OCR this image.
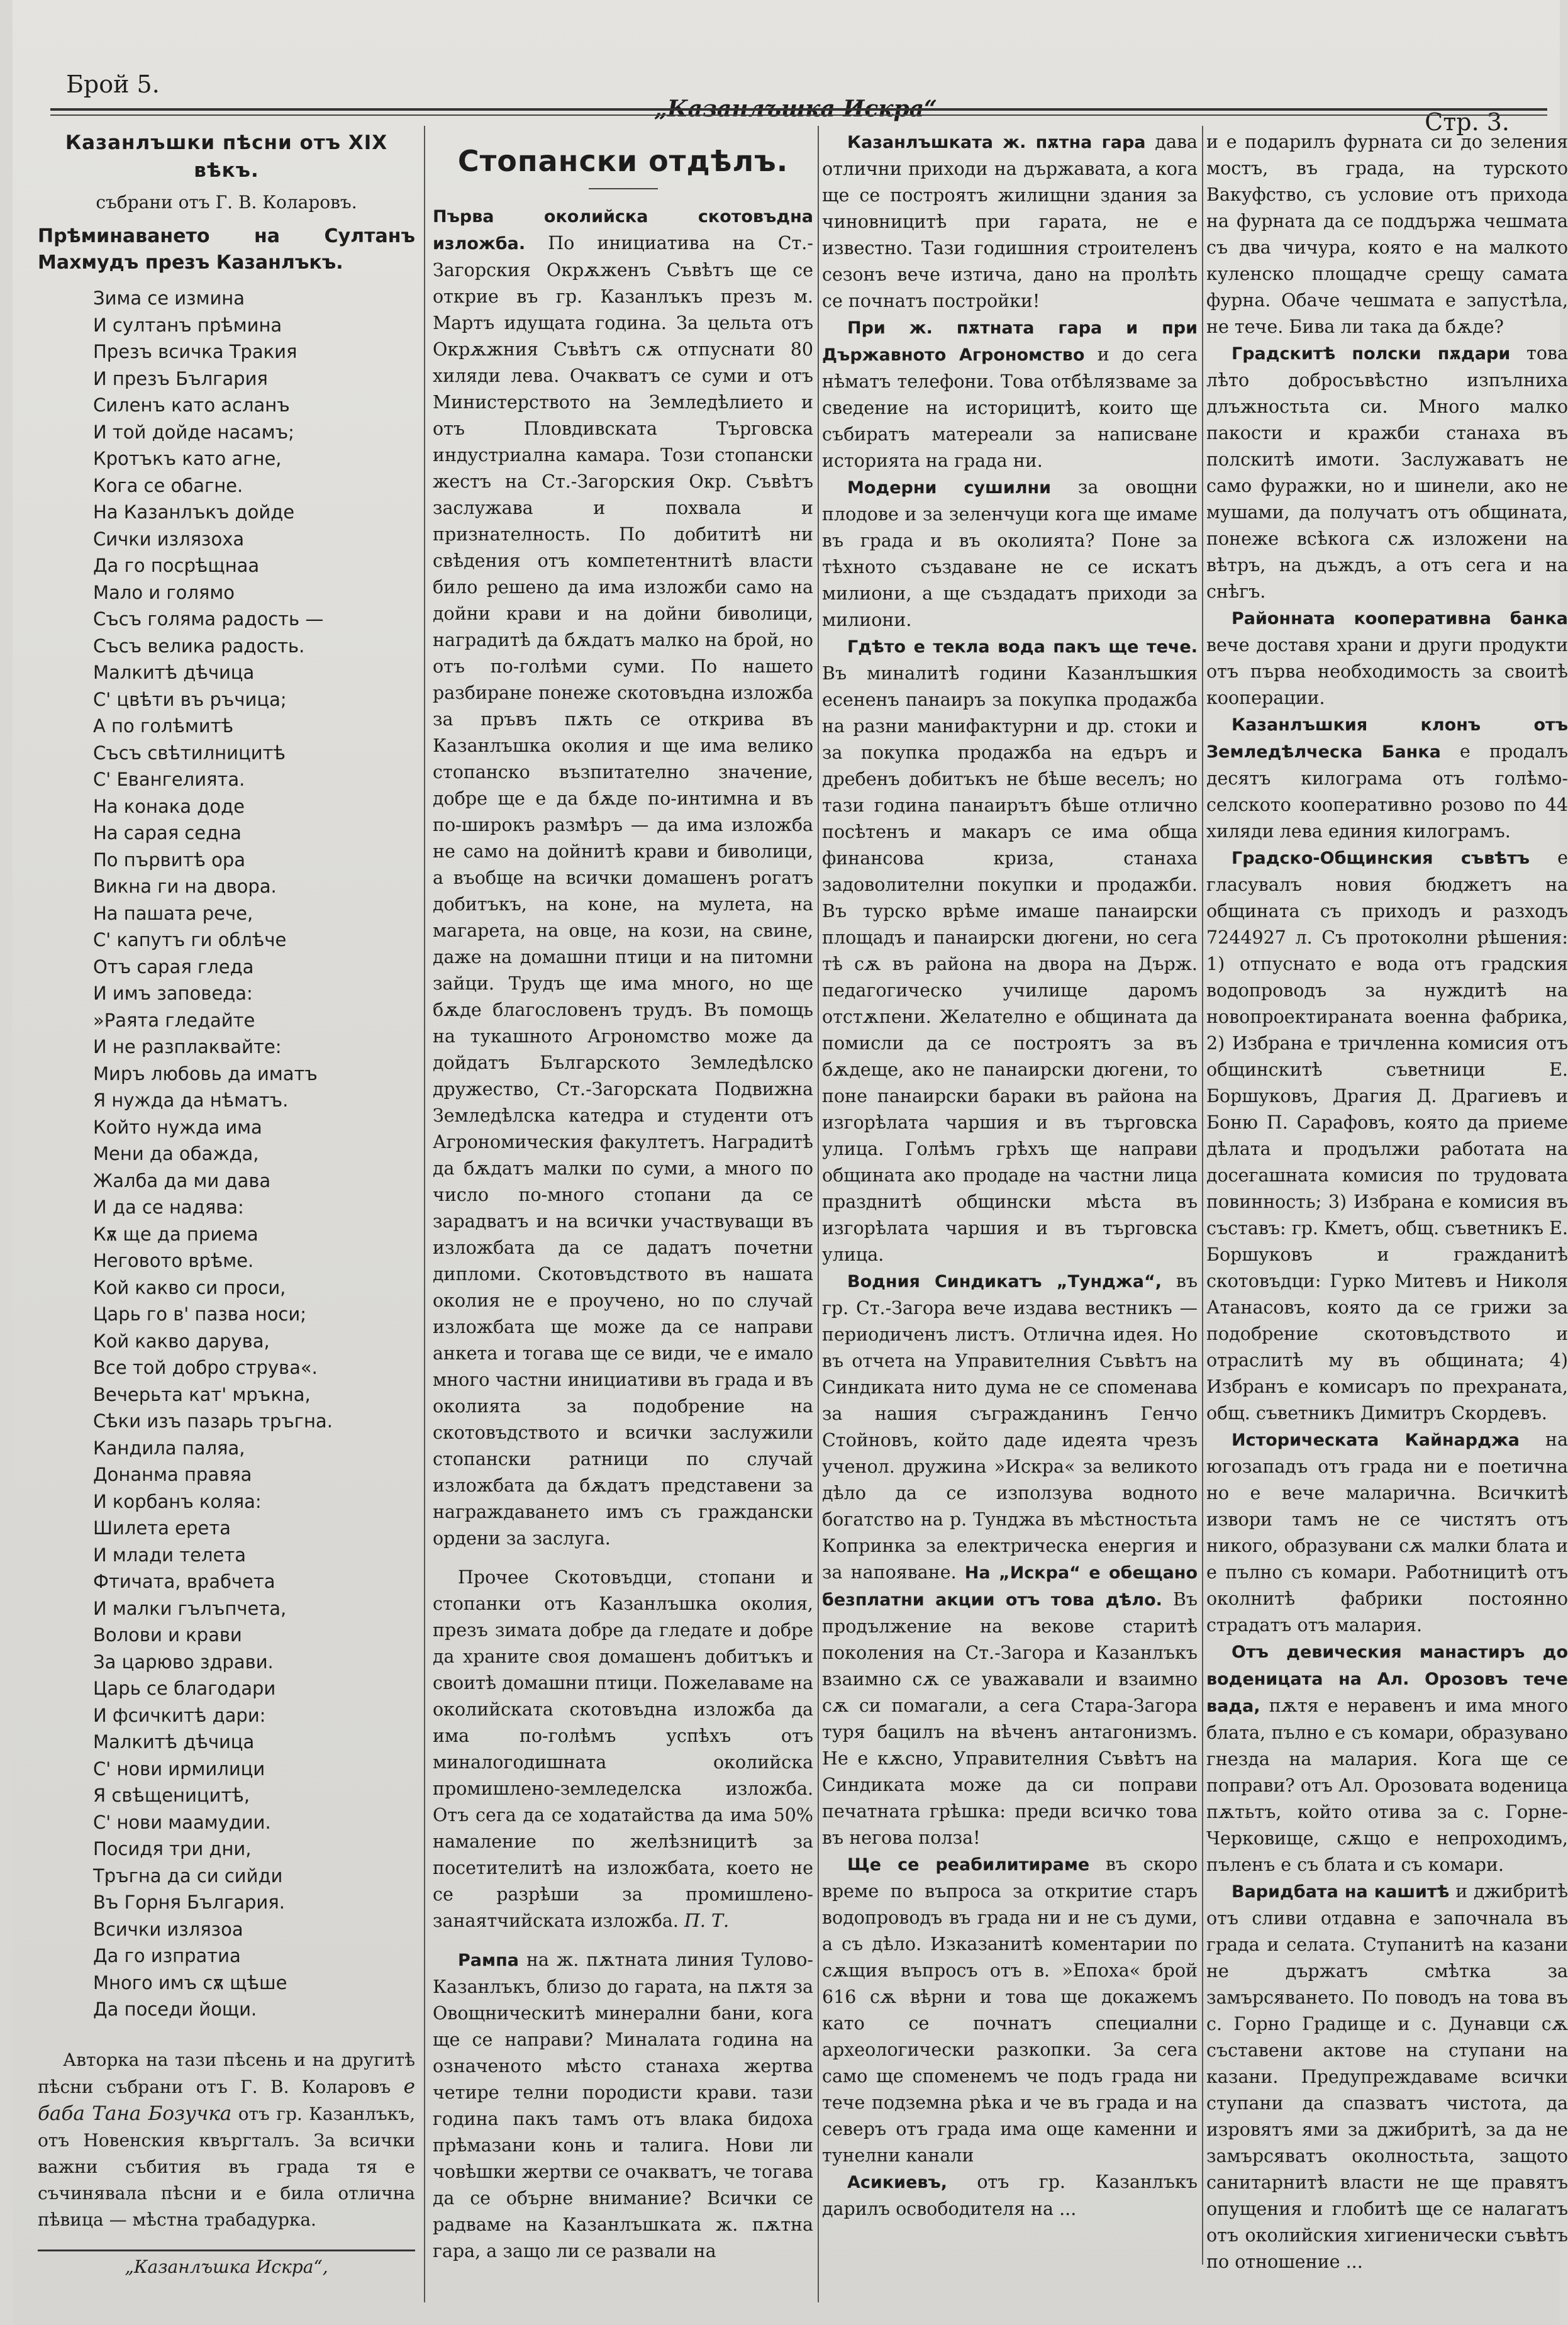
Брой 5.
„Казанлъшка Искра“	Стр. 3.
Казанлъшки пѣсни отъ XIX вѣкъ.
събрани отъ Г. В. Коларовъ.
Прѣминаването на Султанъ Махмудъ презъ Казанлъкъ.
Зима се измина
И султанъ прѣмина
Презъ всичка Тракия
И презъ България
Силенъ като асланъ
И той дойде насамъ;
Кротъкъ като агне,
Кога се обагне.
На Казанлъкъ дойде
Сички излязоха
Да го посрѣщнаа
Мало и голямо
Съсъ голяма радость —
Съсъ велика радость.
Малкитѣ дѣчица
С' цвѣти въ ръчица;
А по голѣмитѣ
Съсъ свѣтилницитѣ
С' Евангелията.
На конака доде
На сарая седна
По първитѣ ора
Викна ги на двора.
На пашата рече,
С' капутъ ги облѣче
Отъ сарая гледа
И имъ заповеда:
»Раята гледайте
И не разплаквайте:
Миръ любовь да иматъ
Я нужда да нѣматъ.
Който нужда има
Мени да обажда,
Жалба да ми дава
И да се надява:
Кѫ ще да приема
Неговото врѣме.
Кой какво си проси,
Царь го в' пазва носи;
Кой какво дарува,
Все той добро струва«.
Вечерьта кат' мръкна,
Сѣки изъ пазарь тръгна.
Кандила паляа,
Донанма правяа
И корбанъ коляа:
Шилета ерета
И млади телета
Фтичата, врабчета
И малки гълъпчета,
Волови и крави
За царюво здрави.
Царь се благодари
И фсичкитѣ дари:
Малкитѣ дѣчица
С' нови ирмилици
Я свѣщеницитѣ,
С' нови маамудии.
Посидя три дни,
Тръгна да си сийди
Въ Горня България.
Всички излязоа
Да го изпратиа
Много имъ сѫ щѣше
Да поседи йощи.
Авторка на тази пѣсень и на другитѣ пѣсни събрани отъ Г. В. Коларовъ е баба Тана Бозучка отъ гр. Казанлъкъ, отъ Новенския квъргталъ. За всички важни събития въ града тя е съчинявала пѣсни и е била отлична пѣвица — мѣстна трабадурка.
„Казанлъшка Искра“,
Стопански отдѣлъ.

Първа околийска скотовъдна изложба. По инициатива на Ст.-Загорския Окрѫженъ Съвѣтъ ще се открие въ гр. Казанлъкъ презъ м. Мартъ идущата година. За цельта отъ Окрѫжния Съвѣтъ сѫ отпуснати 80 хиляди лева. Очакватъ се суми и отъ Министерството на Земледѣлието и отъ Пловдивската Търговска индустриална камара. Този стопански жестъ на Ст.-Загорския Окр. Съвѣтъ заслужава и похвала и признателность. По добититѣ ни свѣдения отъ компетентнитѣ власти било решено да има изложби само на дойни крави и на дойни биволици, наградитѣ да бѫдатъ малко на брой, но отъ по-голѣми суми. По нашето разбиране понеже скотовъдна изложба за пръвъ пѫть се открива въ Казанлъшка околия и ще има велико стопанско възпитателно значение, добре ще е да бѫде по-интимна и въ по-широкъ размѣръ — да има изложба не само на дойнитѣ крави и биволици, а въобще на всички домашенъ рогатъ добитъкъ, на коне, на мулета, на магарета, на овце, на кози, на свине, даже на домашни птици и на питомни зайци. Трудъ ще има много, но ще бѫде благословенъ трудъ. Въ помощь на тукашното Агрономство може да дойдатъ Българското Земледѣлско дружество, Ст.-Загорската Подвижна Земледѣлска катедра и студенти отъ Агрономическия факултетъ. Наградитѣ да бѫдатъ малки по суми, а много по число по-много стопани да се зарадватъ и на всички участвуващи въ изложбата да се дадатъ почетни дипломи. Скотовъдството въ нашата околия не е проучено, но по случай изложбата ще може да се направи анкета и тогава ще се види, че е имало много частни инициативи въ града и въ околията за подобрение на скотовъдството и всички заслужили стопански ратници по случай изложбата да бѫдатъ представени за награждаването имъ съ граждански ордени за заслуга.

Прочее Скотовъдци, стопани и стопанки отъ Казанлъшка околия, презъ зимата добре да гледате и добре да храните своя домашенъ добитъкъ и своитѣ домашни птици. Пожелаваме на околийската скотовъдна изложба да има по-голѣмъ успѣхъ отъ миналогодишната околийска промишлено-земледелска изложба. Отъ сега да се ходатайства да има 50% намаление по желѣзницитѣ за посетителитѣ на изложбата, което не се разрѣши за промишлено-занаятчийската изложба. П. Т.

Рампа на ж. пѫтната линия Тулово-Казанлъкъ, близо до гарата, на пѫтя за Овощническитѣ минерални бани, кога ще се направи? Миналата година на означеното мѣсто станаха жертва четире телни породисти крави. тази година пакъ тамъ отъ влака бидоха прѣмазани конь и талига. Нови ли човѣшки жертви се очакватъ, че тогава да се обърне внимание? Всички се радваме на Казанлъшката ж. пѫтна гара, а защо ли се развали на

Казанлъшката ж. пѫтна гара дава отлични приходи на държавата, а кога ще се построятъ жилищни здания за чиновницитѣ при гарата, не е известно. Тази годишния строителенъ сезонъ вече изтича, дано на пролѣть се почнатъ постройки!

При ж. пѫтната гара и при Държавното Агрономство и до сега нѣматъ телефони. Това отбѣлязваме за сведение на историцитѣ, които ще събиратъ матереали за написване историята на града ни.

Модерни сушилни за овощни плодове и за зеленчуци кога ще имаме въ града и въ околията? Поне за тѣхното създаване не се искатъ милиони, а ще създадатъ приходи за милиони.

Гдѣто е текла вода пакъ ще тече. Въ миналитѣ години Казанлъшкия есененъ панаиръ за покупка продажба на разни манифактурни и др. стоки и за покупка продажба на едъръ и дребенъ добитъкъ не бѣше веселъ; но тази година панаирътъ бѣше отлично посѣтенъ и макаръ се има обща финансова криза, станаха задоволителни покупки и продажби. Въ турско врѣме имаше панаирски площадъ и панаирски дюгени, но сега тѣ сѫ въ района на двора на Държ. педагогическо училище даромъ отстѫпени. Желателно е общината да помисли да се построятъ за въ бѫдеще, ако не панаирски дюгени, то поне панаирски бараки въ района на изгорѣлата чаршия и въ търговска улица. Голѣмъ грѣхъ ще направи общината ако продаде на частни лица празднитѣ общински мѣста въ изгорѣлата чаршия и въ търговска улица.

Водния Синдикатъ „Тунджа“, въ гр. Ст.-Загора вече издава вестникъ — периодиченъ листъ. Отлична идея. Но въ отчета на Управителния Съвѣтъ на Синдиката нито дума не се споменава за нашия съгражданинъ Генчо Стойновъ, който даде идеята чрезъ ученол. дружина »Искра« за великото дѣло да се използува водното богатство на р. Тунджа въ мѣстностьта Копринка за електрическа енергия и за напояване. На „Искра“ е обещано безплатни акции отъ това дѣло. Въ продължение на векове старитѣ поколения на Ст.-Загора и Казанлъкъ взаимно сѫ се уважавали и взаимно сѫ си помагали, а сега Стара-Загора туря бацилъ на вѣченъ антагонизмъ. Не е кѫсно, Управителния Съвѣтъ на Синдиката може да си поправи печатната грѣшка: преди всичко това въ негова полза!

Ще се реабилитираме въ скоро време по въпроса за откритие старъ водопроводъ въ града ни и не съ думи, а съ дѣло. Изказанитѣ коментарии по сѫщия въпросъ отъ в. »Епоха« брой 616 сѫ вѣрни и това ще докажемъ като се почнатъ специални археологически разкопки. За сега само ще споменемъ че подъ града ни тече подземна рѣка и че въ града и на северъ отъ града има още каменни и тунелни канали

Асикиевъ, отъ гр. Казанлъкъ дарилъ освободителя на ...

и е подарилъ фурната си до зеления мостъ, въ града, на турското Вакуфство, съ условие отъ прихода на фурната да се поддържа чешмата съ два чичура, която е на малкото куленско площадче срещу самата фурна. Обаче чешмата е запустѣла, не тече. Бива ли така да бѫде?

Градскитѣ полски пѫдари това лѣто добросъвѣстно изпълниха длъжностьта си. Много малко пакости и кражби станаха въ полскитѣ имоти. Заслужаватъ не само фуражки, но и шинели, ако не мушами, да получатъ отъ общината, понеже всѣкога сѫ изложени на вѣтръ, на дъждъ, а отъ сега и на снѣгъ.

Районната кооперативна банка вече доставя храни и други продукти отъ първа необходимость за своитѣ кооперации.

Казанлъшкия клонъ отъ Земледѣлческа Банка е продалъ десятъ килограма отъ голѣмо-селското кооперативно розово по 44 хиляди лева единия килограмъ.

Градско-Общинския съвѣтъ е гласувалъ новия бюджетъ на общината съ приходъ и разходъ 7244927 л. Съ протоколни рѣшения: 1) отпуснато е вода отъ градския водопроводъ за нуждитѣ на новопроектираната военна фабрика, 2) Избрана е тричленна комисия отъ общинскитѣ съветници Е. Боршуковъ, Драгия Д. Драгиевъ и Боню П. Сарафовъ, която да приеме дѣлата и продължи работата на досегашната комисия по трудовата повинность; 3) Избрана е комисия въ съставъ: гр. Кметъ, общ. съветникъ Е. Боршуковъ и гражданитѣ скотовъдци: Гурко Митевъ и Николя Атанасовъ, която да се грижи за подобрение скотовъдството и отраслитѣ му въ общината; 4) Избранъ е комисаръ по прехраната, общ. съветникъ Димитръ Скордевъ.

Историческата Кайнарджа на югозападъ отъ града ни е поетична но е вече маларична. Всичкитѣ извори тамъ не се чистятъ отъ никого, образувани сѫ малки блата и е пълно съ комари. Работницитѣ отъ околнитѣ фабрики постоянно страдатъ отъ малария.

Отъ девическия манастиръ до воденицата на Ал. Орозовъ тече вада, пѫтя е неравенъ и има много блата, пълно е съ комари, образувано гнезда на малария. Кога ще се поправи? отъ Ал. Орозовата воденица пѫтьтъ, който отива за с. Горне-Черковище, сѫщо е непроходимъ, пъленъ е съ блата и съ комари.

Варидбата на кашитѣ и джибритѣ отъ сливи отдавна е започнала въ града и селата. Ступанитѣ на казани не държатъ смѣтка за замърсяването. По поводъ на това въ с. Горно Градище и с. Дунавци сѫ съставени актове на ступани на казани. Предупреждаваме всички ступани да спазватъ чистота, да изровятъ ями за джибритѣ, за да не замърсяватъ околностьта, защото санитарнитѣ власти не ще правятъ опущения и глобитѣ ще се налагатъ отъ околийския хигиенически съвѣтъ по отношение ...
